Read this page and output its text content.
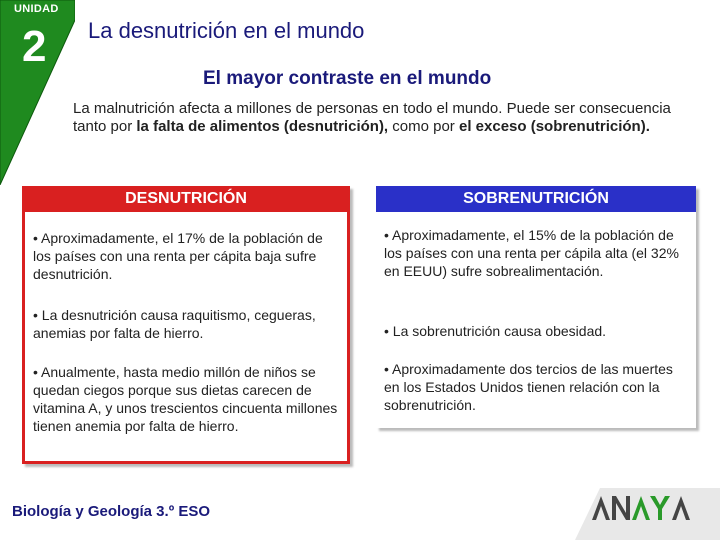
UNIDAD
2 La desnutrición en el mundo
El mayor contraste en el mundo
La malnutrición afecta a millones de personas en todo el mundo. Puede ser consecuencia tanto por la falta de alimentos (desnutrición), como por el exceso (sobrenutrición).
DESNUTRICIÓN
• Aproximadamente, el 17% de la población de los países con una renta per cápita baja sufre desnutrición.
• La desnutrición causa raquitismo, cegueras, anemias por falta de hierro.
• Anualmente, hasta medio millón de niños se quedan ciegos porque sus dietas carecen de vitamina A, y unos trescientos cincuenta millones tienen anemia por falta de hierro.
SOBRENUTRICIÓN
• Aproximadamente, el 15% de la población de los países con una renta per cápila alta (el 32% en EEUU) sufre sobrealimentación.
• La sobrenutrición causa obesidad.
• Aproximadamente dos tercios de las muertes en los Estados Unidos tienen relación con la sobrenutrición.
Biología y Geología 3.º ESO
